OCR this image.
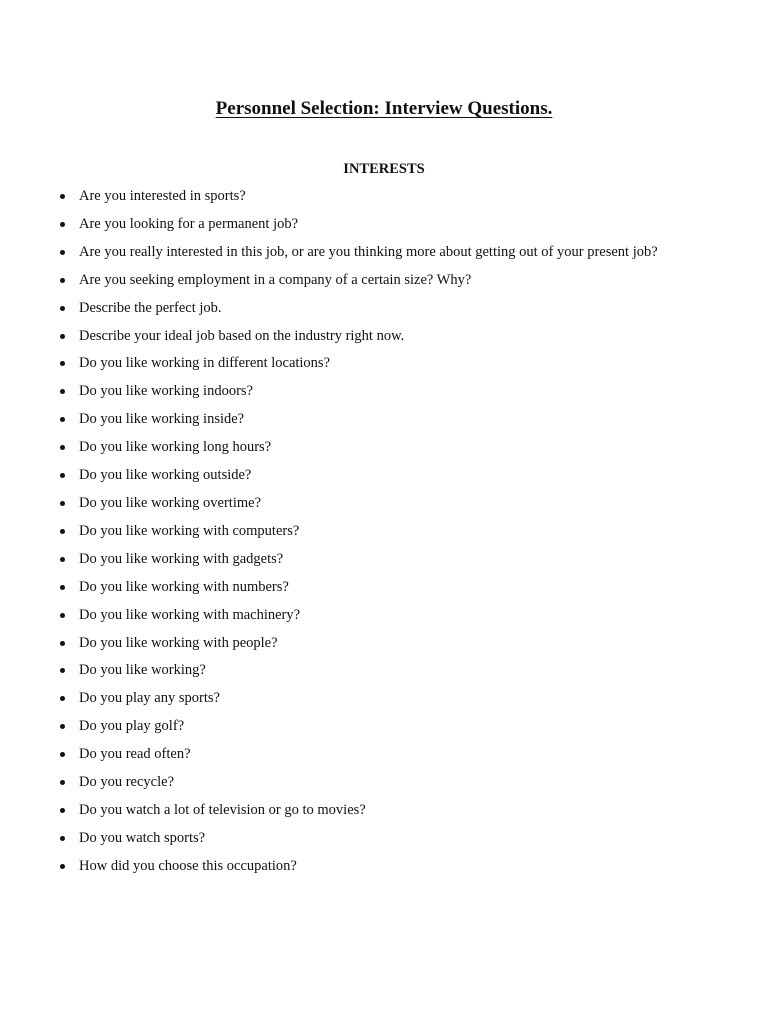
Personnel Selection: Interview Questions.
INTERESTS
Are you interested in sports?
Are you looking for a permanent job?
Are you really interested in this job, or are you thinking more about getting out of your present job?
Are you seeking employment in a company of a certain size? Why?
Describe the perfect job.
Describe your ideal job based on the industry right now.
Do you like working in different locations?
Do you like working indoors?
Do you like working inside?
Do you like working long hours?
Do you like working outside?
Do you like working overtime?
Do you like working with computers?
Do you like working with gadgets?
Do you like working with numbers?
Do you like working with machinery?
Do you like working with people?
Do you like working?
Do you play any sports?
Do you play golf?
Do you read often?
Do you recycle?
Do you watch a lot of television or go to movies?
Do you watch sports?
How did you choose this occupation?
